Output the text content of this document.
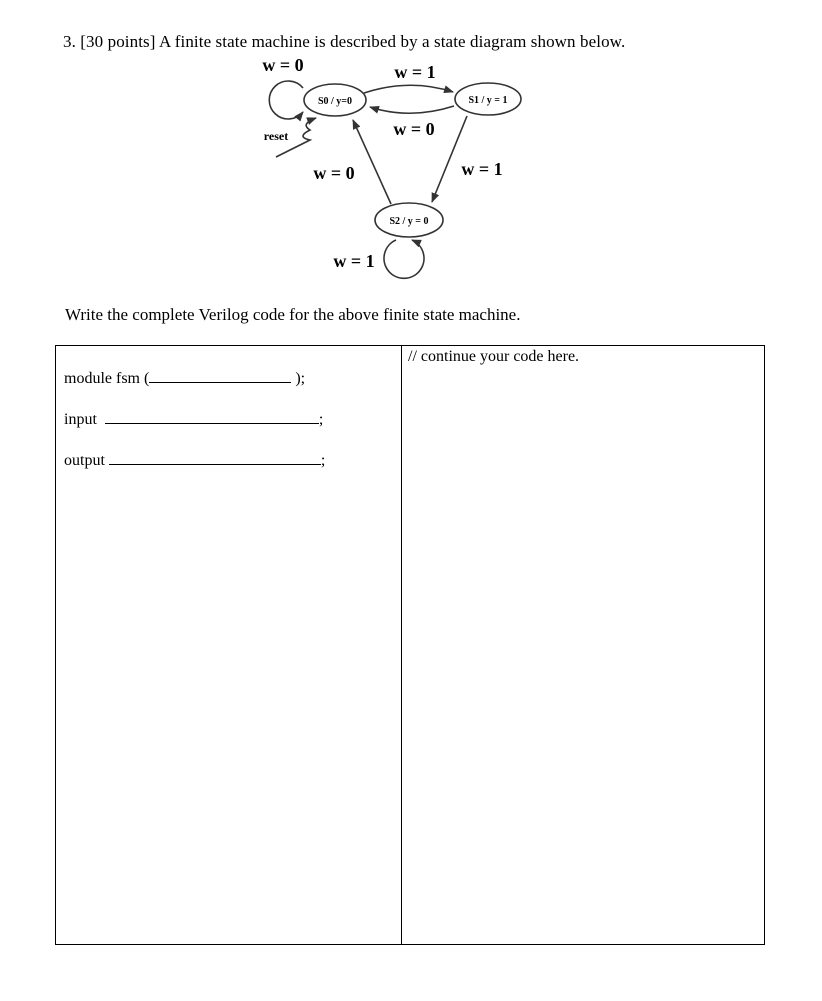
3. [30 points] A finite state machine is described by a state diagram shown below.
S0 / y=0	S1 / y = 1
S2 / y = 0
w = 0	w = 1
w = 0
w = 0	w = 1
w = 1
reset
Write the complete Verilog code for the above finite state machine.
module fsm (	);
input	;
output	;
// continue your code here.
